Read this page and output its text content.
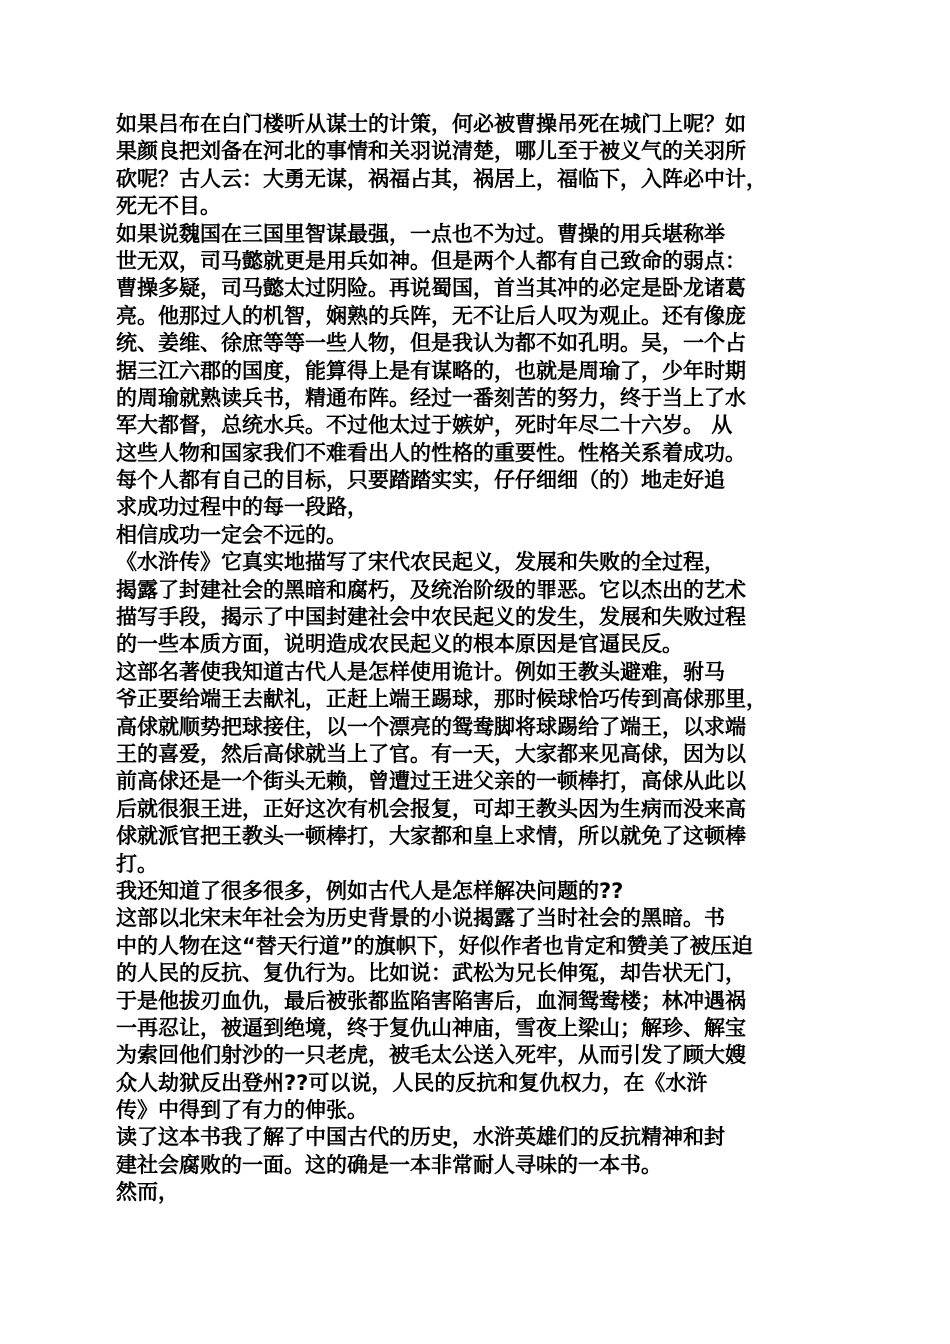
如果吕布在白门楼听从谋士的计策，何必被曹操吊死在城门上呢？如
果颜良把刘备在河北的事情和关羽说清楚，哪儿至于被义气的关羽所
砍呢？古人云：大勇无谋，祸福占其，祸居上，福临下，入阵必中计，
死无不目。
如果说魏国在三国里智谋最强，一点也不为过。曹操的用兵堪称举
世无双，司马懿就更是用兵如神。但是两个人都有自己致命的弱点：
曹操多疑，司马懿太过阴险。再说蜀国，首当其冲的必定是卧龙诸葛
亮。他那过人的机智，娴熟的兵阵，无不让后人叹为观止。还有像庞
统、姜维、徐庶等等一些人物，但是我认为都不如孔明。吴，一个占
据三江六郡的国度，能算得上是有谋略的，也就是周瑜了，少年时期
的周瑜就熟读兵书，精通布阵。经过一番刻苦的努力，终于当上了水
军大都督，总统水兵。不过他太过于嫉妒，死时年尽二十六岁。 从
这些人物和国家我们不难看出人的性格的重要性。性格关系着成功。
每个人都有自己的目标，只要踏踏实实，仔仔细细（的）地走好追
求成功过程中的每一段路，
相信成功一定会不远的。
《水浒传》它真实地描写了宋代农民起义，发展和失败的全过程，
揭露了封建社会的黑暗和腐朽，及统治阶级的罪恶。它以杰出的艺术
描写手段，揭示了中国封建社会中农民起义的发生，发展和失败过程
的一些本质方面，说明造成农民起义的根本原因是官逼民反。
这部名著使我知道古代人是怎样使用诡计。例如王教头避难，驸马
爷正要给端王去献礼，正赶上端王踢球，那时候球恰巧传到高俅那里，
高俅就顺势把球接住，以一个漂亮的鸳鸯脚将球踢给了端王，以求端
王的喜爱，然后高俅就当上了官。有一天，大家都来见高俅，因为以
前高俅还是一个街头无赖，曾遭过王进父亲的一顿棒打，高俅从此以
后就很狠王进，正好这次有机会报复，可却王教头因为生病而没来高
俅就派官把王教头一顿棒打，大家都和皇上求情，所以就免了这顿棒
打。
我还知道了很多很多，例如古代人是怎样解决问题的??
这部以北宋末年社会为历史背景的小说揭露了当时社会的黑暗。书
中的人物在这“替天行道”的旗帜下，好似作者也肯定和赞美了被压迫
的人民的反抗、复仇行为。比如说：武松为兄长伸冤，却告状无门，
于是他拔刃血仇，最后被张都监陷害陷害后，血洞鸳鸯楼；林冲遇祸
一再忍让，被逼到绝境，终于复仇山神庙，雪夜上梁山；解珍、解宝
为索回他们射沙的一只老虎，被毛太公送入死牢，从而引发了顾大嫂
众人劫狱反出登州??可以说，人民的反抗和复仇权力，在《水浒
传》中得到了有力的伸张。
读了这本书我了解了中国古代的历史，水浒英雄们的反抗精神和封
建社会腐败的一面。这的确是一本非常耐人寻味的一本书。
然而，
